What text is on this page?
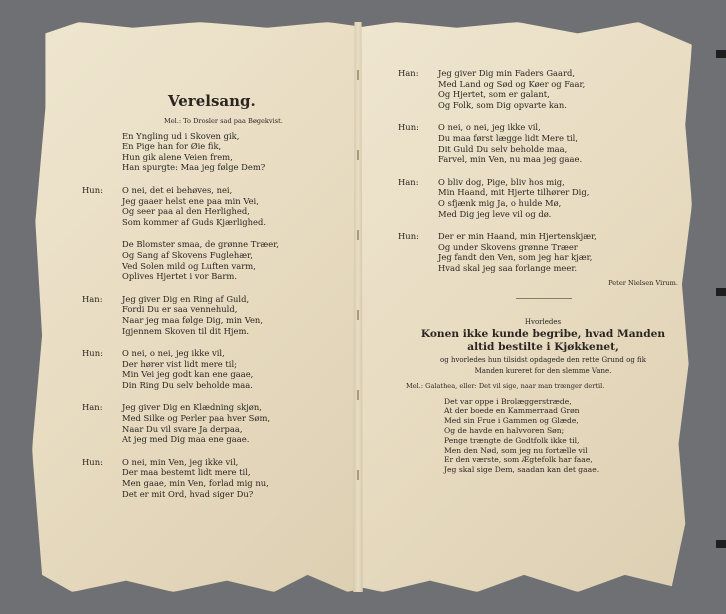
Verelsang.
Mel.: To Drosler sad paa Bøgekvist.
En Yngling ud i Skoven gik,
En Pige han for Øie fik,
Hun gik alene Veien frem,
Han spurgte: Maa jeg følge Dem?
Hun:	O nei, det ei behøves, nei,
Jeg gaaer helst ene paa min Vei,
Og seer paa al den Herlighed,
Som kommer af Guds Kjærlighed.
De Blomster smaa, de grønne Træer,
Og Sang af Skovens Fuglehær,
Ved Solen mild og Luften varm,
Oplives Hjertet i vor Barm.
Han:	Jeg giver Dig en Ring af Guld,
Fordi Du er saa vennehuld,
Naar jeg maa følge Dig, min Ven,
Igjennem Skoven til dit Hjem.
Hun:	O nei, o nei, jeg ikke vil,
Der hører vist lidt mere til;
Min Vei jeg godt kan ene gaae,
Din Ring Du selv beholde maa.
Han:	Jeg giver Dig en Klædning skjøn,
Med Silke og Perler paa hver Søm,
Naar Du vil svare Ja derpaa,
At jeg med Dig maa ene gaae.
Hun:	O nei, min Ven, jeg ikke vil,
Der maa bestemt lidt mere til,
Men gaae, min Ven, forlad mig nu,
Det er mit Ord, hvad siger Du?
Han:	Jeg giver Dig min Faders Gaard,
Med Land og Sød og Køer og Faar,
Og Hjertet, som er galant,
Og Folk, som Dig opvarte kan.
Hun:	O nei, o nei, jeg ikke vil,
Du maa først lægge lidt Mere til,
Dit Guld Du selv beholde maa,
Farvel, min Ven, nu maa jeg gaae.
Han:	O bliv dog, Pige, bliv hos mig,
Min Haand, mit Hjerte tilhører Dig,
O sfjænk mig Ja, o hulde Mø,
Med Dig jeg leve vil og dø.
Hun:	Der er min Haand, min Hjertenskjær,
Og under Skovens grønne Træer
Jeg fandt den Ven, som jeg har kjær,
Hvad skal jeg saa forlange meer.
Peter Nielsen Virum.
Hvorledes
Konen ikke kunde begribe, hvad Manden
altid bestilte i Kjøkkenet,
og hvorledes hun tilsidst opdagede den rette Grund og fik
Manden kureret for den slemme Vane.
Mel.: Galathea, eller: Det vil sige, naar man trænger dertil.
Det var oppe i Brolæggerstræde,
At der boede en Kammerraad Grøn
Med sin Frue i Gammen og Glæde,
Og de havde en halvvoren Søn;
Penge trængte de Godtfolk ikke til,
Men den Nød, som jeg nu fortælle vil
Er den værste, som Ægtefolk har faae,
Jeg skal sige Dem, saadan kan det gaae.
